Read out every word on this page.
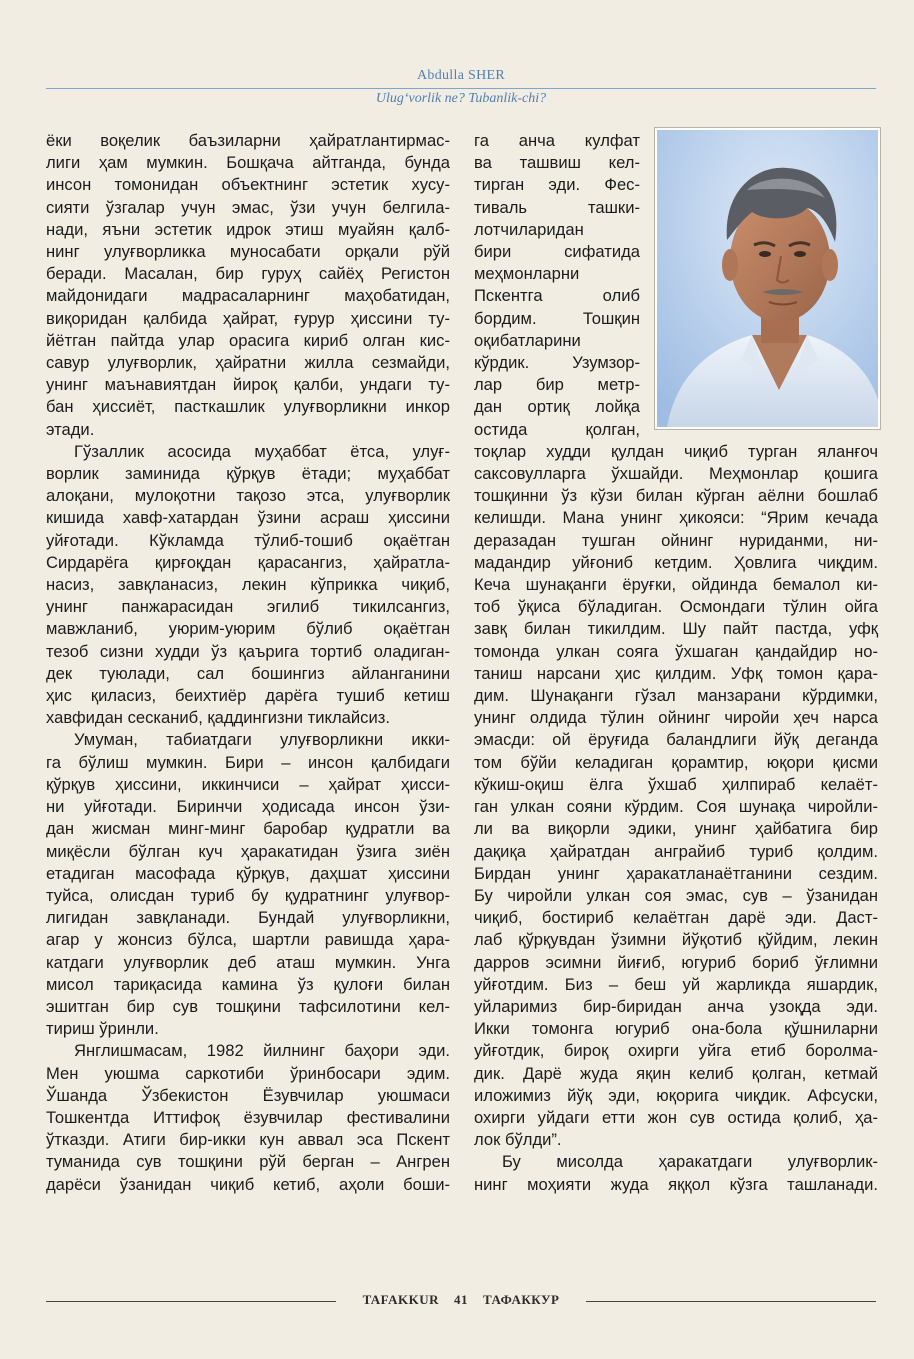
Abdulla SHER
Ulug‘vorlik ne? Tubanlik-chi?

ёки воқелик баъзиларни ҳайратлантирмас-

лиги ҳам мумкин. Бошқача айтганда, бунда

инсон томонидан объектнинг эстетик хусу-

сияти ўзгалар учун эмас, ўзи учун белгила-

нади, яъни эстетик идрок этиш муайян қалб-

нинг улуғворликка муносабати орқали рўй

беради. Масалан, бир гуруҳ сайёҳ Регистон

майдонидаги мадрасаларнинг маҳобатидан,

виқоридан қалбида ҳайрат, ғурур ҳиссини ту-

йётган пайтда улар орасига кириб олган кис-

савур улуғворлик, ҳайратни жилла сезмайди,

унинг маънавиятдан йироқ қалби, ундаги ту-

бан ҳиссиёт, пасткашлик улуғворликни инкор

этади.

Гўзаллик асосида муҳаббат ётса, улуғ-

ворлик заминида қўрқув ётади; муҳаббат

алоқани, мулоқотни тақозо этса, улуғворлик

кишида хавф-хатардан ўзини асраш ҳиссини

уйғотади. Кўкламда тўлиб-тошиб оқаётган

Сирдарёга қирғоқдан қарасангиз, ҳайратла-

насиз, завқланасиз, лекин кўприкка чиқиб,

унинг панжарасидан эгилиб тикилсангиз,

мавжланиб, уюрим-уюрим бўлиб оқаётган

тезоб сизни худди ўз қаърига тортиб оладиган-

дек туюлади, сал бошингиз айланганини

ҳис қиласиз, беихтиёр дарёга тушиб кетиш

хавфидан сесканиб, қаддингизни тиклайсиз.

Умуман, табиатдаги улуғворликни икки-

га бўлиш мумкин. Бири – инсон қалбидаги

қўрқув ҳиссини, иккинчиси – ҳайрат ҳисси-

ни уйғотади. Биринчи ҳодисада инсон ўзи-

дан жисман минг-минг баробар қудратли ва

миқёсли бўлган куч ҳаракатидан ўзига зиён

етадиган масофада қўрқув, даҳшат ҳиссини

туйса, олисдан туриб бу қудратнинг улуғвор-

лигидан завқланади. Бундай улуғворликни,

агар у жонсиз бўлса, шартли равишда ҳара-

катдаги улуғворлик деб аташ мумкин. Унга

мисол тариқасида камина ўз қулоғи билан

эшитган бир сув тошқини тафсилотини кел-

тириш ўринли.

Янглишмасам, 1982 йилнинг баҳори эди.

Мен уюшма саркотиби ўринбосари эдим.

Ўшанда Ўзбекистон Ёзувчилар уюшмаси

Тошкентда Иттифоқ ёзувчилар фестивалини

ўтказди. Атиги бир-икки кун аввал эса Пскент

туманида сув тошқини рўй берган – Ангрен

дарёси ўзанидан чиқиб кетиб, аҳоли боши-

га анча кулфат

ва ташвиш кел-

тирган эди. Фес-

тиваль ташки-

лотчиларидан

бири сифатида

меҳмонларни

Пскентга олиб

бордим. Тошқин

оқибатларини

кўрдик. Узумзор-

лар бир метр-

дан ортиқ лойқа

остида қолган,

тоқлар худди қулдан чиқиб турган яланғоч

саксовулларга ўхшайди. Меҳмонлар қошига

тошқинни ўз кўзи билан кўрган аёлни бошлаб

келишди. Мана унинг ҳикояси: “Ярим кечада

деразадан тушган ойнинг нуриданми, ни-

мадандир уйғониб кетдим. Ҳовлига чиқдим.

Кеча шунақанги ёруғки, ойдинда бемалол ки-

тоб ўқиса бўладиган. Осмондаги тўлин ойга

завқ билан тикилдим. Шу пайт пастда, уфқ

томонда улкан сояга ўхшаган қандайдир но-

таниш нарсани ҳис қилдим. Уфқ томон қара-

дим. Шунақанги гўзал манзарани кўрдимки,

унинг олдида тўлин ойнинг чиройи ҳеч нарса

эмасди: ой ёруғида баландлиги йўқ деганда

том бўйи келадиган қорамтир, юқори қисми

кўкиш-оқиш ёлга ўхшаб ҳилпираб келаёт-

ган улкан сояни кўрдим. Соя шунақа чиройли-

ли ва виқорли эдики, унинг ҳайбатига бир

дақиқа ҳайратдан анграйиб туриб қолдим.

Бирдан унинг ҳаракатланаётганини сездим.

Бу чиройли улкан соя эмас, сув – ўзанидан

чиқиб, бостириб келаётган дарё эди. Даст-

лаб қўрқувдан ўзимни йўқотиб қўйдим, лекин

дарров эсимни йиғиб, югуриб бориб ўғлимни

уйғотдим. Биз – беш уй жарликда яшардик,

уйларимиз бир-биридан анча узоқда эди.

Икки томонга югуриб она-бола қўшниларни

уйғотдик, бироқ охирги уйга етиб боролма-

дик. Дарё жуда яқин келиб қолган, кетмай

иложимиз йўқ эди, юқорига чиқдик. Афсуски,

охирги уйдаги етти жон сув остида қолиб, ҳа-

лок бўлди”.

Бу мисолда ҳаракатдаги улуғворлик-

нинг моҳияти жуда яққол кўзга ташланади.

TAFAKKUR 41 ТАФАККУР
